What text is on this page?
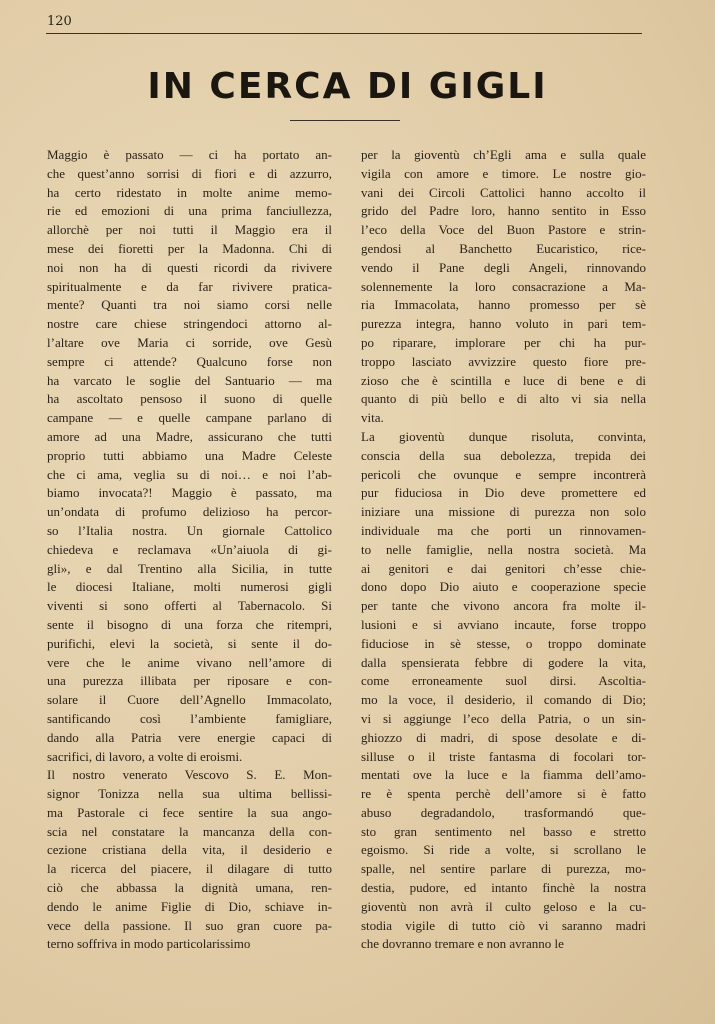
120
IN CERCA DI GIGLI
Maggio è passato — ci ha portato an-
che quest’anno sorrisi di fiori e di azzurro,
ha certo ridestato in molte anime memo-
rie ed emozioni di una prima fanciullezza,
allorchè per noi tutti il Maggio era il
mese dei fioretti per la Madonna. Chi di
noi non ha di questi ricordi da rivivere
spiritualmente e da far rivivere pratica-
mente? Quanti tra noi siamo corsi nelle
nostre care chiese stringendoci attorno al-
l’altare ove Maria ci sorride, ove Gesù
sempre ci attende? Qualcuno forse non
ha varcato le soglie del Santuario — ma
ha ascoltato pensoso il suono di quelle
campane — e quelle campane parlano di
amore ad una Madre, assicurano che tutti
proprio tutti abbiamo una Madre Celeste
che ci ama, veglia su di noi… e noi l’ab-
biamo invocata?! Maggio è passato, ma
un’ondata di profumo delizioso ha percor-
so l’Italia nostra. Un giornale Cattolico
chiedeva e reclamava «Un’aiuola di gi-
gli», e dal Trentino alla Sicilia, in tutte
le diocesi Italiane, molti numerosi gigli
viventi si sono offerti al Tabernacolo. Si
sente il bisogno di una forza che ritempri,
purifichi, elevi la società, si sente il do-
vere che le anime vivano nell’amore di
una purezza illibata per riposare e con-
solare il Cuore dell’Agnello Immacolato,
santificando così l’ambiente famigliare,
dando alla Patria vere energie capaci di
sacrifici, di lavoro, a volte di eroismi.
Il nostro venerato Vescovo S. E. Mon-
signor Tonizza nella sua ultima bellissi-
ma Pastorale ci fece sentire la sua ango-
scia nel constatare la mancanza della con-
cezione cristiana della vita, il desiderio e
la ricerca del piacere, il dilagare di tutto
ciò che abbassa la dignità umana, ren-
dendo le anime Figlie di Dio, schiave in-
vece della passione. Il suo gran cuore pa-
terno soffriva in modo particolarissimo
per la gioventù ch’Egli ama e sulla quale
vigila con amore e timore. Le nostre gio-
vani dei Circoli Cattolici hanno accolto il
grido del Padre loro, hanno sentito in Esso
l’eco della Voce del Buon Pastore e strin-
gendosi al Banchetto Eucaristico, rice-
vendo il Pane degli Angeli, rinnovando
solennemente la loro consacrazione a Ma-
ria Immacolata, hanno promesso per sè
purezza integra, hanno voluto in pari tem-
po riparare, implorare per chi ha pur-
troppo lasciato avvizzire questo fiore pre-
zioso che è scintilla e luce di bene e di
quanto di più bello e di alto vi sia nella
vita.
La gioventù dunque risoluta, convinta,
conscia della sua debolezza, trepida dei
pericoli che ovunque e sempre incontrerà
pur fiduciosa in Dio deve promettere ed
iniziare una missione di purezza non solo
individuale ma che porti un rinnovamen-
to nelle famiglie, nella nostra società. Ma
ai genitori e dai genitori ch’esse chie-
dono dopo Dio aiuto e cooperazione specie
per tante che vivono ancora fra molte il-
lusioni e si avviano incaute, forse troppo
fiduciose in sè stesse, o troppo dominate
dalla spensierata febbre di godere la vita,
come erroneamente suol dirsi. Ascoltia-
mo la voce, il desiderio, il comando di Dio;
vi si aggiunge l’eco della Patria, o un sin-
ghiozzo di madri, di spose desolate e di-
silluse o il triste fantasma di focolari tor-
mentati ove la luce e la fiamma dell’amo-
re è spenta perchè dell’amore si è fatto
abuso degradandolo, trasformandó que-
sto gran sentimento nel basso e stretto
egoismo. Si ride a volte, si scrollano le
spalle, nel sentire parlare di purezza, mo-
destia, pudore, ed intanto finchè la nostra
gioventù non avrà il culto geloso e la cu-
stodia vigile di tutto ciò vi saranno madri
che dovranno tremare e non avranno le
